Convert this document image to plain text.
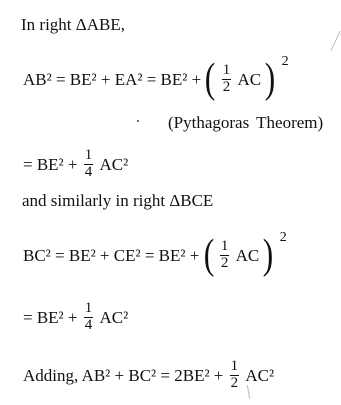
In right ΔABE,
AB² = BE² + EA² = BE² + ( $\frac{1}{2}$ AC ) $^2$
(Pythagoras Theorem)
= $BE^2 + \frac{1}{4} AC^2$
and similarly in right ΔBCE
BC² = BE² + CE² = BE² + ( $\frac{1}{2}$ AC ) $^2$
= $BE^2 + \frac{1}{4} AC^2$
Adding, $AB^2 + BC^2 = 2BE^2 + \frac{1}{2} AC^2$
